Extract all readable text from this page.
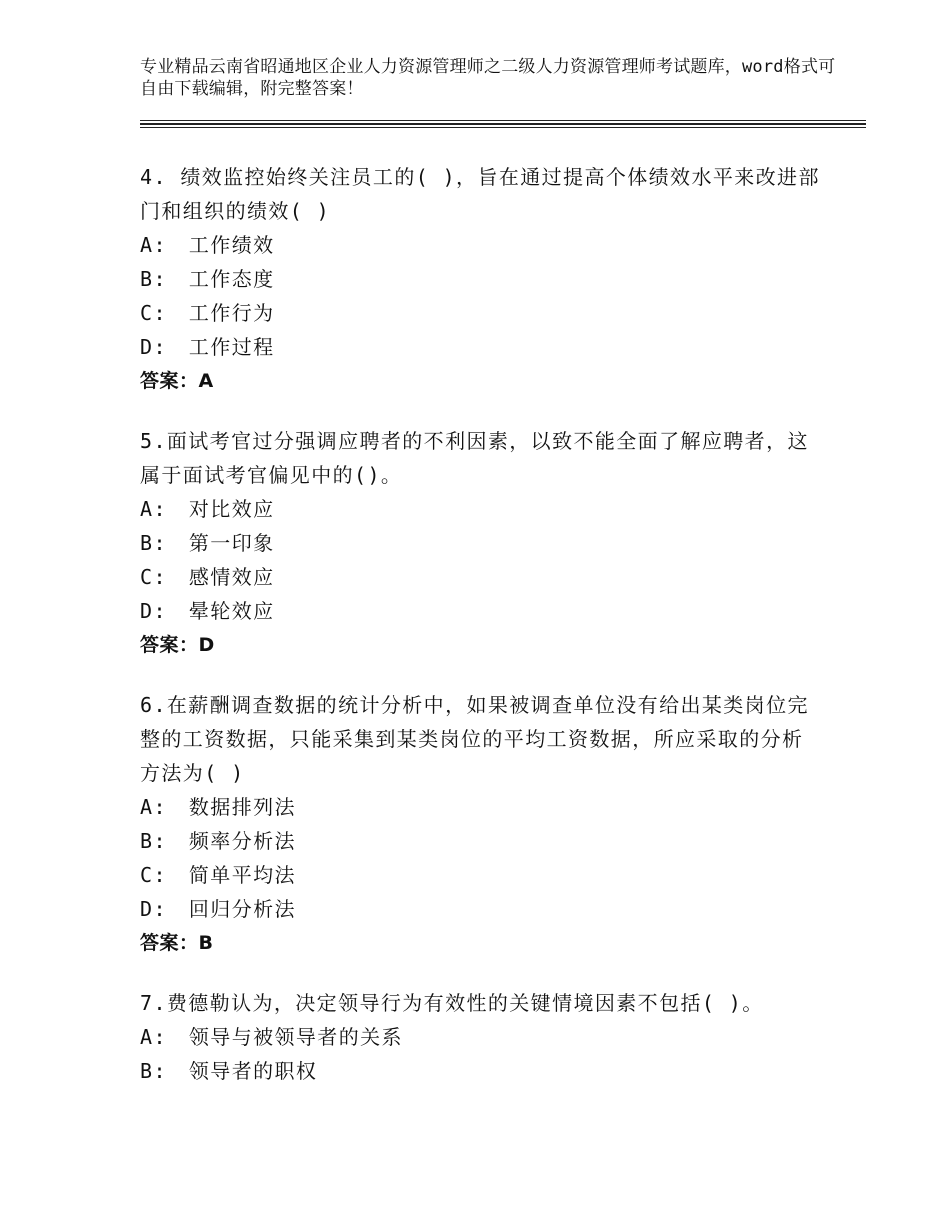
专业精品云南省昭通地区企业人力资源管理师之二级人力资源管理师考试题库，word格式可自由下载编辑，附完整答案！

4. 绩效监控始终关注员工的( )，旨在通过提高个体绩效水平来改进部门和组织的绩效( )

A: 工作绩效

B: 工作态度

C: 工作行为

D: 工作过程

答案：A

5.面试考官过分强调应聘者的不利因素，以致不能全面了解应聘者，这属于面试考官偏见中的()。

A: 对比效应

B: 第一印象

C: 感情效应

D: 晕轮效应

答案：D

6.在薪酬调查数据的统计分析中，如果被调查单位没有给出某类岗位完整的工资数据，只能采集到某类岗位的平均工资数据，所应采取的分析方法为( )

A: 数据排列法

B: 频率分析法

C: 简单平均法

D: 回归分析法

答案：B

7.费德勒认为，决定领导行为有效性的关键情境因素不包括( )。

A: 领导与被领导者的关系

B: 领导者的职权
